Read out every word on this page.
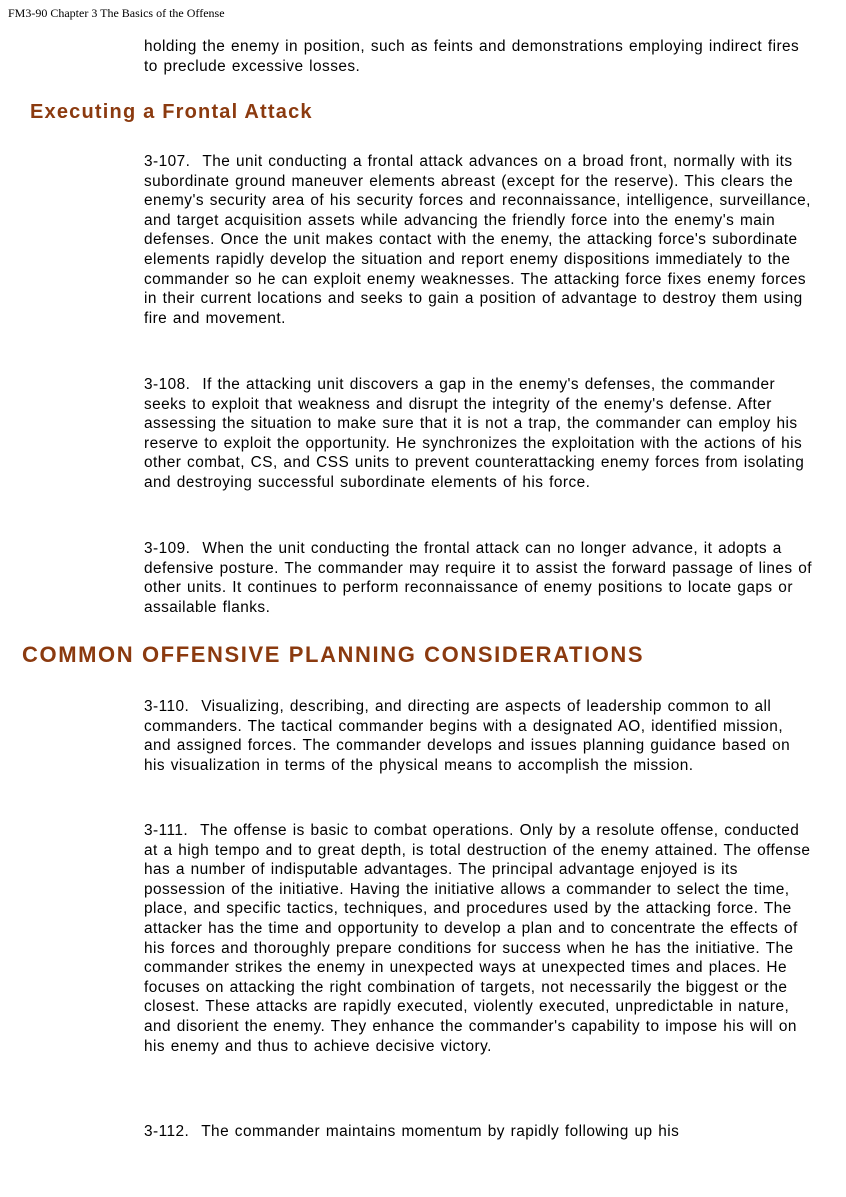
FM3-90 Chapter 3 The Basics of the Offense

holding the enemy in position, such as feints and demonstrations employing indirect fires to preclude excessive losses.

Executing a Frontal Attack

3-107. The unit conducting a frontal attack advances on a broad front, normally with its subordinate ground maneuver elements abreast (except for the reserve). This clears the enemy's security area of his security forces and reconnaissance, intelligence, surveillance, and target acquisition assets while advancing the friendly force into the enemy's main defenses. Once the unit makes contact with the enemy, the attacking force's subordinate elements rapidly develop the situation and report enemy dispositions immediately to the commander so he can exploit enemy weaknesses. The attacking force fixes enemy forces in their current locations and seeks to gain a position of advantage to destroy them using fire and movement.

3-108. If the attacking unit discovers a gap in the enemy's defenses, the commander seeks to exploit that weakness and disrupt the integrity of the enemy's defense. After assessing the situation to make sure that it is not a trap, the commander can employ his reserve to exploit the opportunity. He synchronizes the exploitation with the actions of his other combat, CS, and CSS units to prevent counterattacking enemy forces from isolating and destroying successful subordinate elements of his force.

3-109. When the unit conducting the frontal attack can no longer advance, it adopts a defensive posture. The commander may require it to assist the forward passage of lines of other units. It continues to perform reconnaissance of enemy positions to locate gaps or assailable flanks.

COMMON OFFENSIVE PLANNING CONSIDERATIONS

3-110. Visualizing, describing, and directing are aspects of leadership common to all commanders. The tactical commander begins with a designated AO, identified mission, and assigned forces. The commander develops and issues planning guidance based on his visualization in terms of the physical means to accomplish the mission.

3-111. The offense is basic to combat operations. Only by a resolute offense, conducted at a high tempo and to great depth, is total destruction of the enemy attained. The offense has a number of indisputable advantages. The principal advantage enjoyed is its possession of the initiative. Having the initiative allows a commander to select the time, place, and specific tactics, techniques, and procedures used by the attacking force. The attacker has the time and opportunity to develop a plan and to concentrate the effects of his forces and thoroughly prepare conditions for success when he has the initiative. The commander strikes the enemy in unexpected ways at unexpected times and places. He focuses on attacking the right combination of targets, not necessarily the biggest or the closest. These attacks are rapidly executed, violently executed, unpredictable in nature, and disorient the enemy. They enhance the commander's capability to impose his will on his enemy and thus to achieve decisive victory.

3-112. The commander maintains momentum by rapidly following up his
